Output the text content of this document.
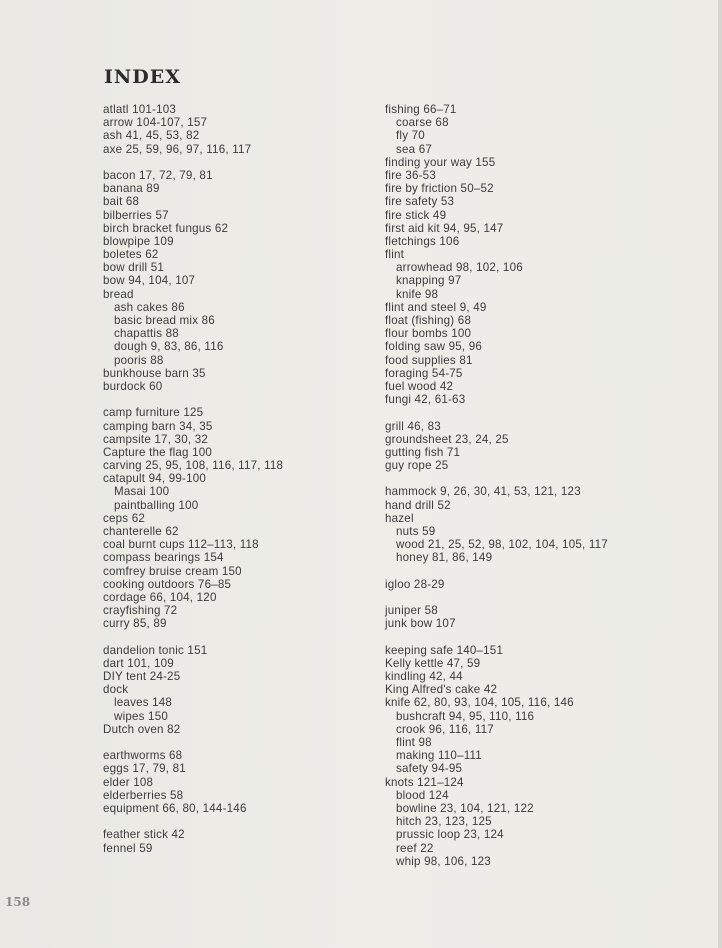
INDEX
atlatl 101-103
arrow 104-107, 157
ash 41, 45, 53, 82
axe 25, 59, 96, 97, 116, 117
bacon 17, 72, 79, 81
banana 89
bait 68
bilberries 57
birch bracket fungus 62
blowpipe 109
boletes 62
bow drill 51
bow 94, 104, 107
bread
ash cakes 86
basic bread mix 86
chapattis 88
dough 9, 83, 86, 116
pooris 88
bunkhouse barn 35
burdock 60
camp furniture 125
camping barn 34, 35
campsite 17, 30, 32
Capture the flag 100
carving 25, 95, 108, 116, 117, 118
catapult 94, 99-100
Masai 100
paintballing 100
ceps 62
chanterelle 62
coal burnt cups 112–113, 118
compass bearings 154
comfrey bruise cream 150
cooking outdoors 76–85
cordage 66, 104, 120
crayfishing 72
curry 85, 89
dandelion tonic 151
dart 101, 109
DIY tent 24-25
dock
leaves 148
wipes 150
Dutch oven 82
earthworms 68
eggs 17, 79, 81
elder 108
elderberries 58
equipment 66, 80, 144-146
feather stick 42
fennel 59
fishing 66–71
coarse 68
fly 70
sea 67
finding your way 155
fire 36-53
fire by friction 50–52
fire safety 53
fire stick 49
first aid kit 94, 95, 147
fletchings 106
flint
arrowhead 98, 102, 106
knapping 97
knife 98
flint and steel 9, 49
float (fishing) 68
flour bombs 100
folding saw 95, 96
food supplies 81
foraging 54-75
fuel wood 42
fungi 42, 61-63
grill 46, 83
groundsheet 23, 24, 25
gutting fish 71
guy rope 25
hammock 9, 26, 30, 41, 53, 121, 123
hand drill 52
hazel
nuts 59
wood 21, 25, 52, 98, 102, 104, 105, 117
honey 81, 86, 149
igloo 28-29
juniper 58
junk bow 107
keeping safe 140–151
Kelly kettle 47, 59
kindling 42, 44
King Alfred's cake 42
knife 62, 80, 93, 104, 105, 116, 146
bushcraft 94, 95, 110, 116
crook 96, 116, 117
flint 98
making 110–111
safety 94-95
knots 121–124
blood 124
bowline 23, 104, 121, 122
hitch 23, 123, 125
prussic loop 23, 124
reef 22
whip 98, 106, 123
158
